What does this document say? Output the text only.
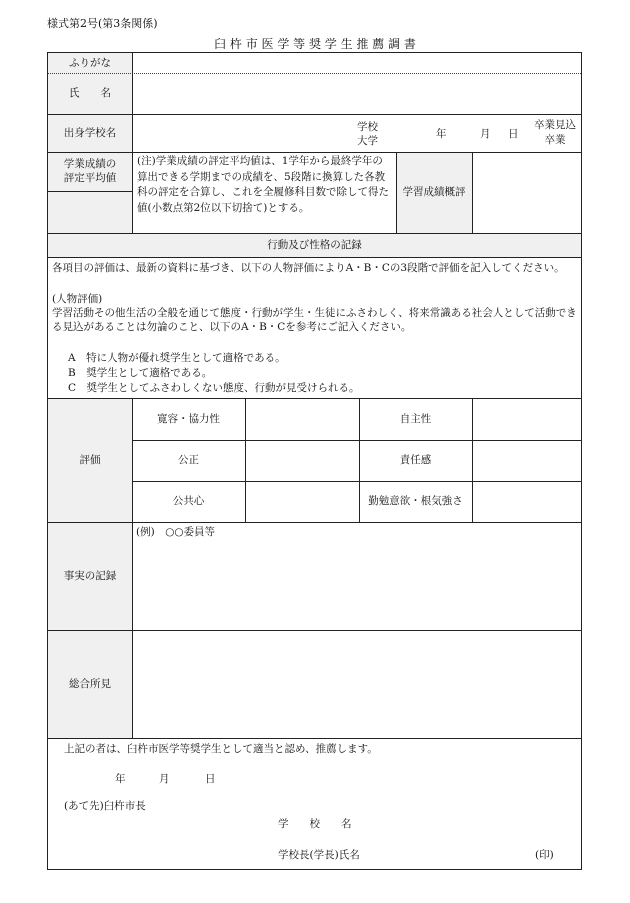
様式第2号(第3条関係)
臼 杵 市 医 学 等 奨 学 生 推 薦 調 書
ふりがな
氏　　名
出身学校名	学校
大学
年	月 日
卒業見込
卒業
学業成績の
評定平均値
(注)学業成績の評定平均値は、1学年から最終学年の算出できる学期までの成績を、5段階に換算した各教科の評定を合算し、これを全履修科目数で除して得た値(小数点第2位以下切捨て)とする。
学習成績概評
行動及び性格の記録
各項目の評価は、最新の資料に基づき、以下の人物評価によりA・B・Cの3段階で評価を記入してください。
(人物評価)
学習活動その他生活の全般を通じて態度・行動が学生・生徒にふさわしく、将来常識ある社会人として活動できる見込があることは勿論のこと、以下のA・B・Cを参考にご記入ください。
A　特に人物が優れ奨学生として適格である。
B　奨学生として適格である。
C　奨学生としてふさわしくない態度、行動が見受けられる。
評価
寛容・協力性	自主性
公正	責任感
公共心	勤勉意欲・根気強さ
事実の記録
(例)　○○委員等
総合所見
上記の者は、臼杵市医学等奨学生として適当と認め、推薦します。
年	月	日
(あて先)臼杵市長
学　　校　　名
学校長(学長)氏名	(印)
